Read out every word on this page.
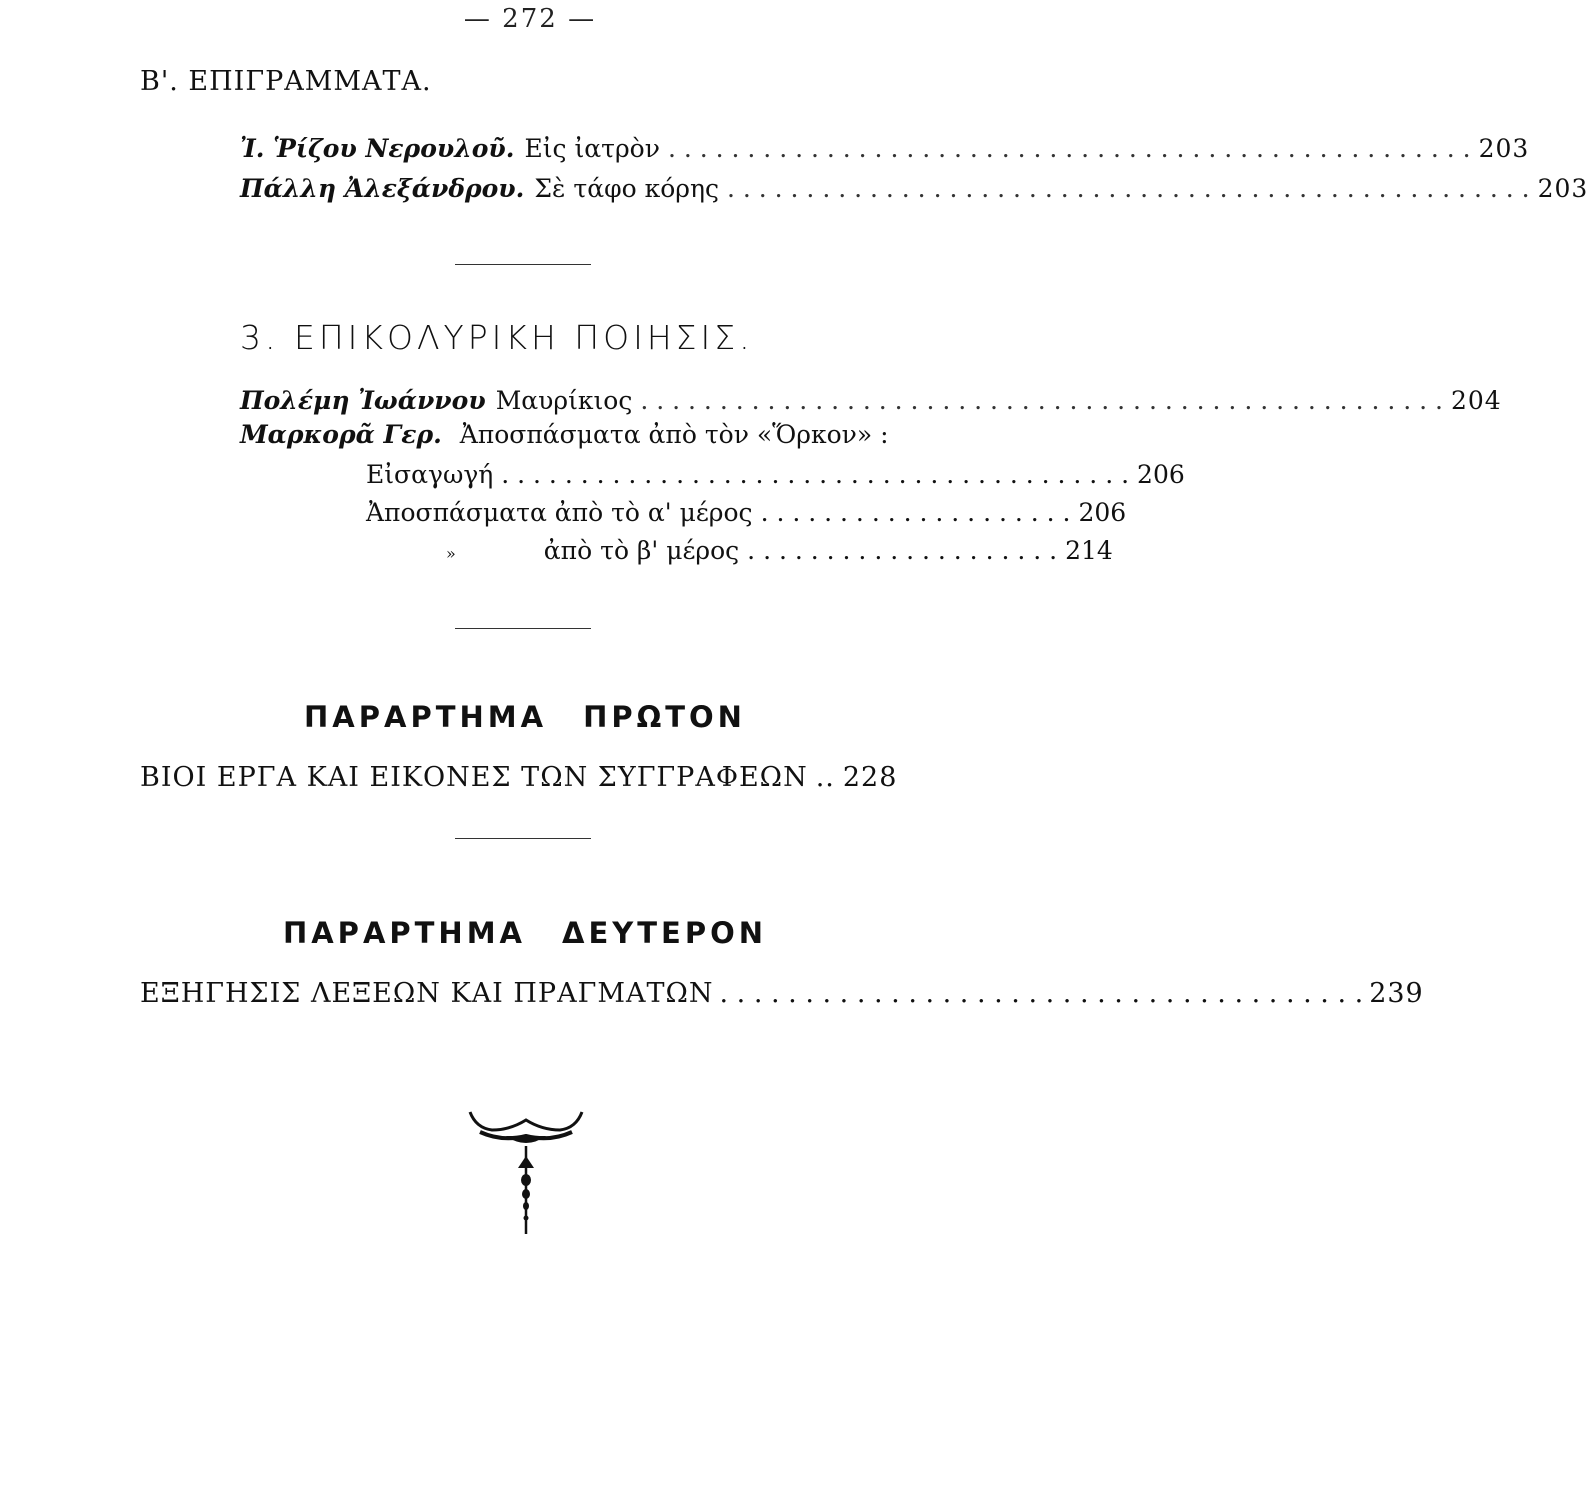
— 272 —
Β'. ΕΠΙΓΡΑΜΜΑΤΑ.
Ἰ. Ῥίζου Νερουλοῦ. Εἰς ἰατρὸν . . .	203
Πάλλη Ἀλεξάνδρου. Σὲ τάφο κόρης . . .	203
3. ΕΠΙΚΟΛΥΡΙΚΗ ΠΟΙΗΣΙΣ.
Πολέμη Ἰωάννου Μαυρίκιος . . .	204
Μαρκορᾶ Γερ. Ἀποσπάσματα ἀπὸ τὸν «Ὅρκον» :
Εἰσαγωγή . . . . . . . . . . . . . . . . . . . . . . . . . . . . . . . . . . . . . . . . 206
Ἀποσπάσματα ἀπὸ τὸ α' μέρος . . . . . . . . . . . . . . . . . . . . 206
»	ἀπὸ τὸ β' μέρος . . . . . . . . . . . . . . . . . . . . 214
ΠΑΡΑΡΤΗΜΑ ΠΡΩΤΟΝ
ΒΙΟΙ ΕΡΓΑ ΚΑΙ ΕΙΚΟΝΕΣ ΤΩΝ ΣΥΓΓΡΑΦΕΩΝ .. 228
ΠΑΡΑΡΤΗΜΑ ΔΕΥΤΕΡΟΝ
ΕΞΗΓΗΣΙΣ ΛΕΞΕΩΝ ΚΑΙ ΠΡΑΓΜΑΤΩΝ . . .	239
